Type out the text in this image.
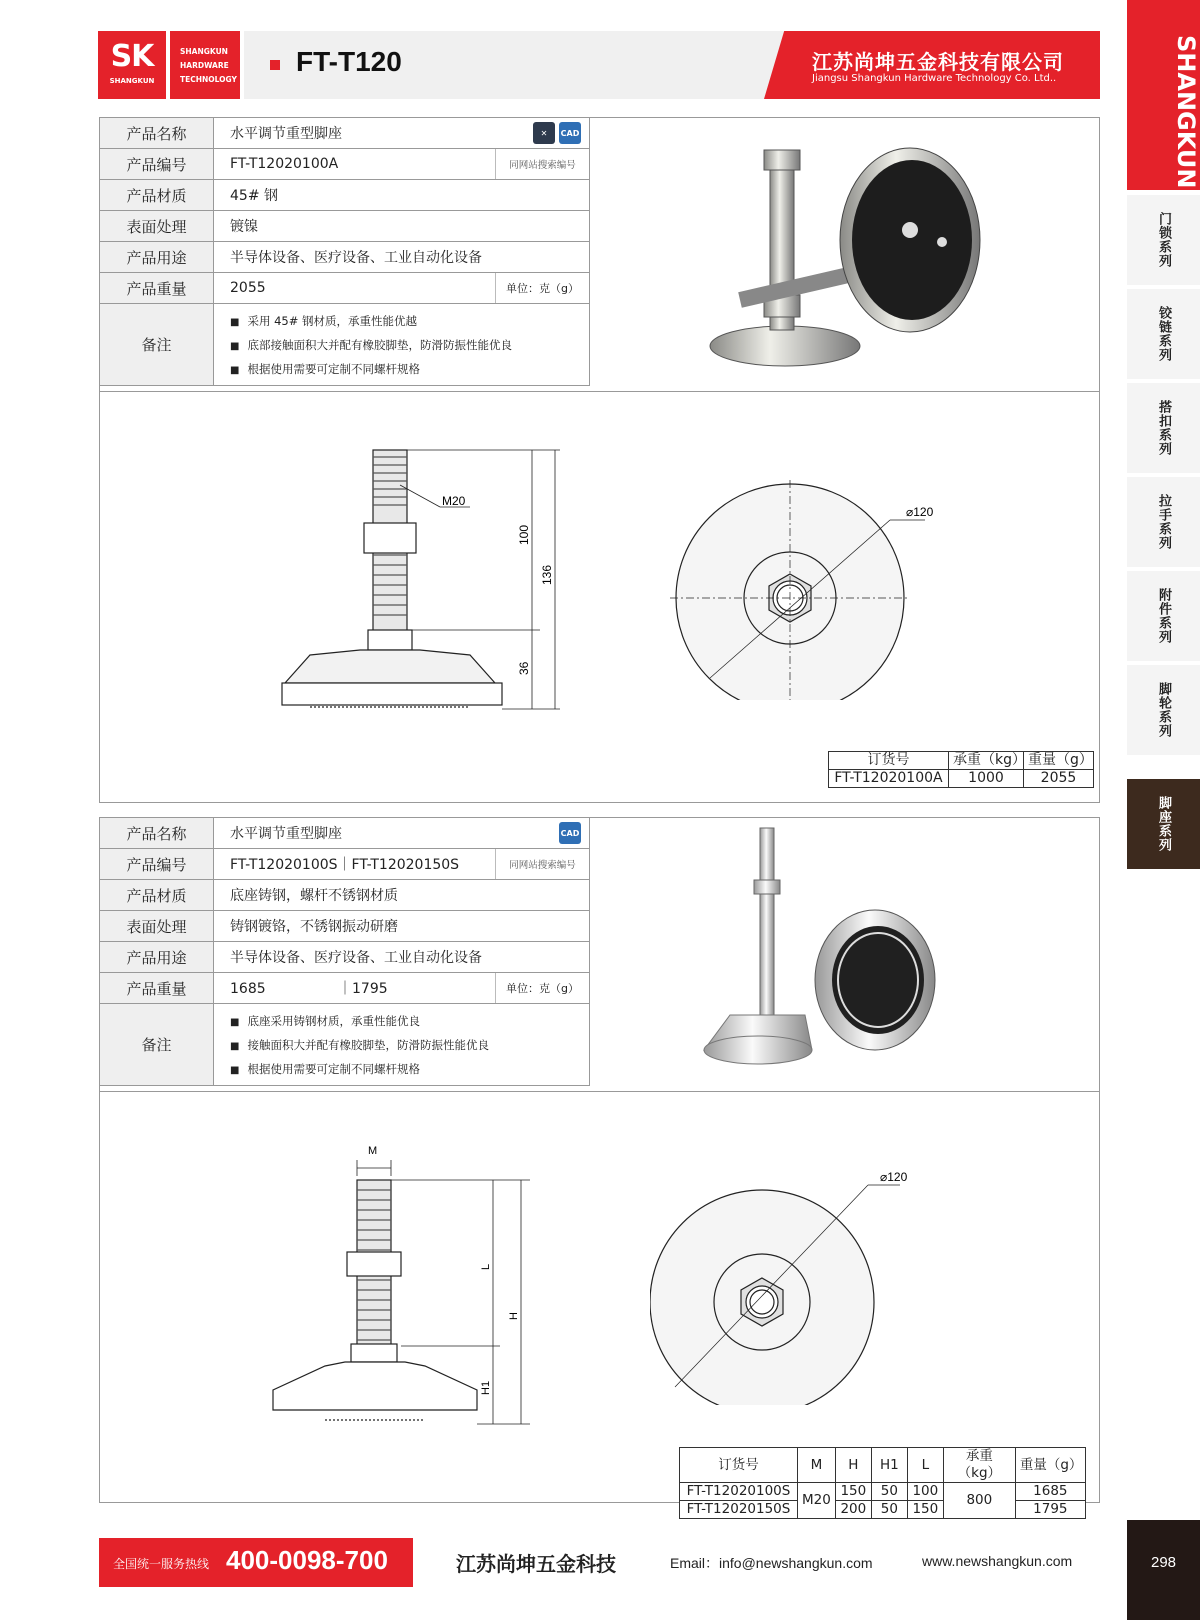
SK
SHANGKUN
SHANGKUN
HARDWARE
TECHNOLOGY
FT-T120	江苏尚坤五金科技有限公司
Jiangsu Shangkun Hardware Technology Co. Ltd..	SHANGKUN
门锁系列
铰链系列
搭扣系列
拉手系列
附件系列
脚轮系列
脚座系列
产品名称	水平调节重型脚座 ✕ CAD

产品编号	FT-T12020100A 同网站搜索编号

产品材质	45# 钢
表面处理	镀镍
产品用途	半导体设备、医疗设备、工业自动化设备
产品重量	2055 单位：克（g）

备注	■ 采用 45# 钢材质，承重性能优越
■ 底部接触面积大并配有橡胶脚垫，防滑防振性能优良
■ 根据使用需要可定制不同螺杆规格
M20
100
136
36
⌀120
订货号	承重（kg）	重量（g）
FT-T12020100A	1000	2055
产品名称	水平调节重型脚座 CAD

产品编号	FT-T12020100S｜FT-T12020150S 同网站搜索编号

产品材质	底座铸钢，螺杆不锈钢材质
表面处理	铸钢镀铬，不锈钢振动研磨
产品用途	半导体设备、医疗设备、工业自动化设备
产品重量	1685 ｜1795 单位：克（g）

备注	■ 底座采用铸钢材质，承重性能优良
■ 接触面积大并配有橡胶脚垫，防滑防振性能优良
■ 根据使用需要可定制不同螺杆规格
M
L
H
H1
⌀120
订货号	M	H	H1	L	承重（kg）	重量（g）
FT-T12020100S	M20	150	50	100	800	1685
FT-T12020150S		200	50	150		1795
全国统一服务热线 400-0098-700	江苏尚坤五金科技	Email：info@newshangkun.com	www.newshangkun.com	298
